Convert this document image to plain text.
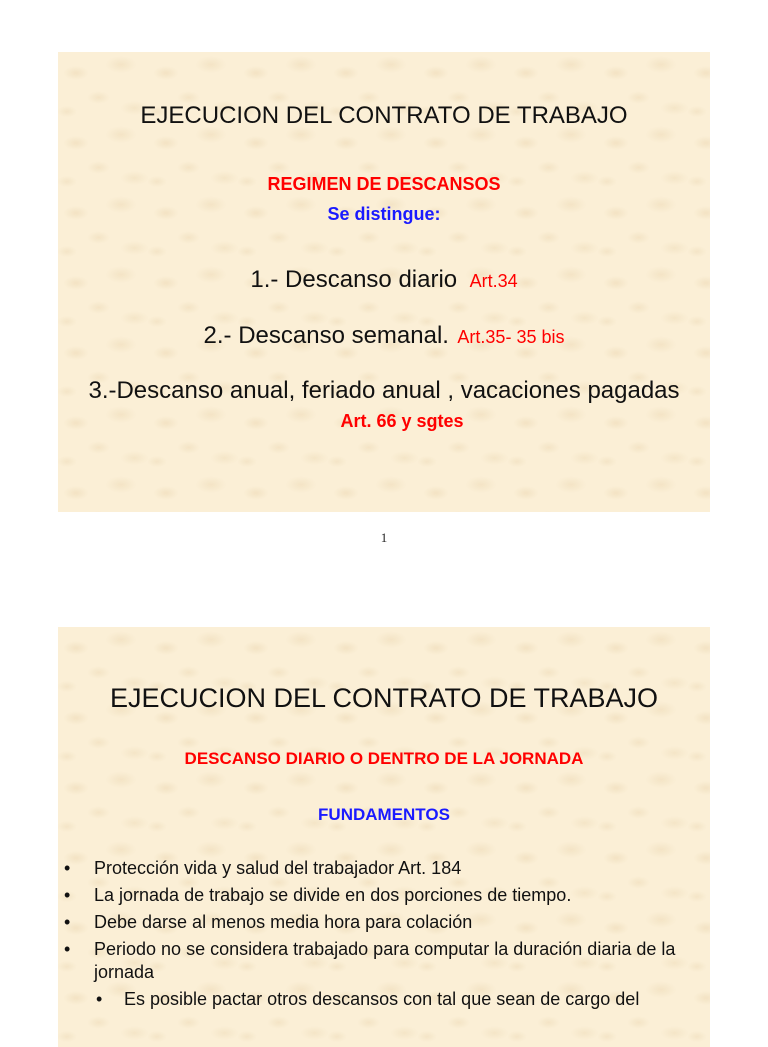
EJECUCION DEL CONTRATO DE TRABAJO
REGIMEN DE DESCANSOS
Se distingue:
1.- Descanso diario Art.34
2.- Descanso semanal. Art.35- 35 bis
3.-Descanso anual, feriado anual , vacaciones pagadas
Art. 66 y sgtes
1
EJECUCION DEL CONTRATO DE TRABAJO
DESCANSO DIARIO O DENTRO DE LA JORNADA
FUNDAMENTOS
• Protección vida y salud del trabajador Art. 184
• La jornada de trabajo se divide en dos porciones de tiempo.
• Debe darse al menos media hora para colación
• Periodo no se considera trabajado para computar la duración diaria de la jornada
• Es posible pactar otros descansos con tal que sean de cargo del
